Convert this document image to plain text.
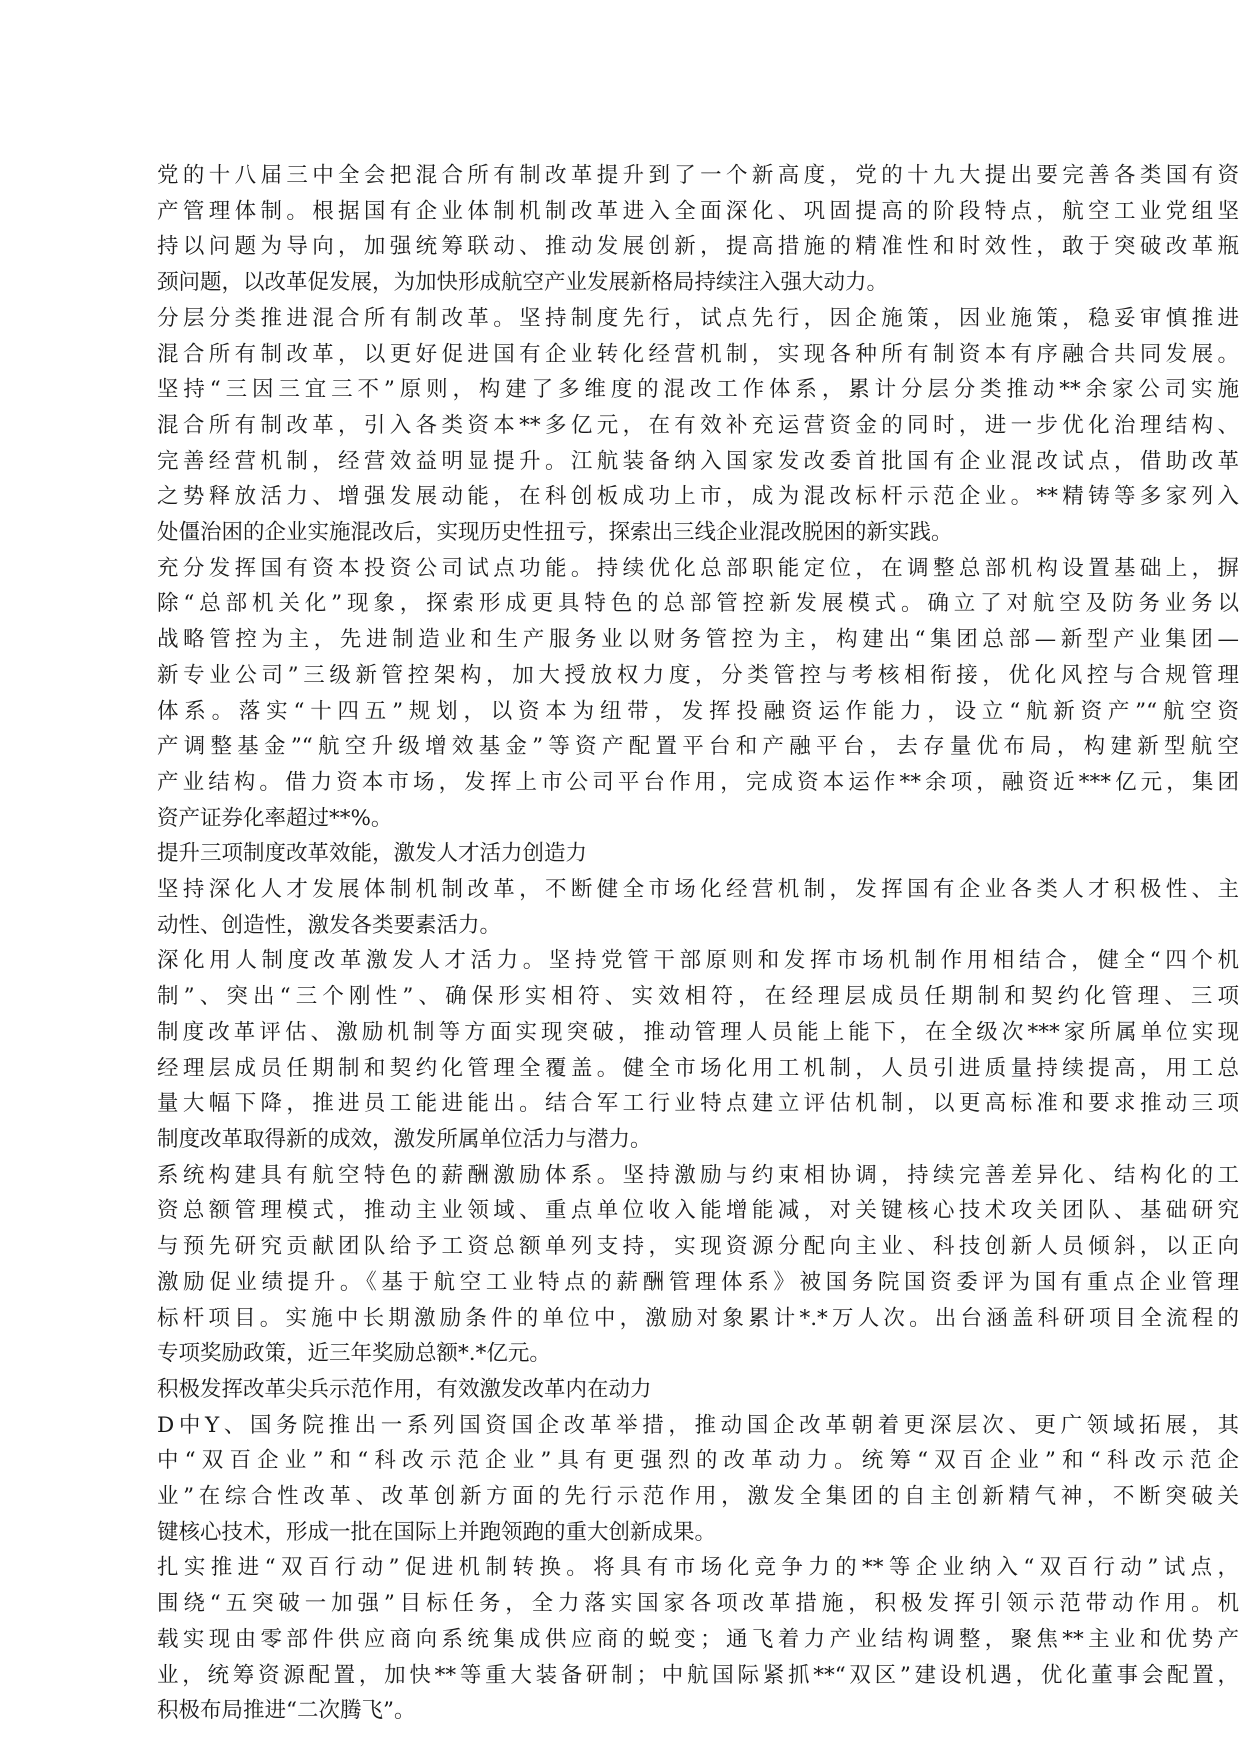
党的十八届三中全会把混合所有制改革提升到了一个新高度，党的十九大提出要完善各类国有资
产管理体制。根据国有企业体制机制改革进入全面深化、巩固提高的阶段特点，航空工业党组坚
持以问题为导向，加强统筹联动、推动发展创新，提高措施的精准性和时效性，敢于突破改革瓶
颈问题，以改革促发展，为加快形成航空产业发展新格局持续注入强大动力。

分层分类推进混合所有制改革。坚持制度先行，试点先行，因企施策，因业施策，稳妥审慎推进
混合所有制改革，以更好促进国有企业转化经营机制，实现各种所有制资本有序融合共同发展。
坚持“三因三宜三不”原则，构建了多维度的混改工作体系，累计分层分类推动**余家公司实施
混合所有制改革，引入各类资本**多亿元，在有效补充运营资金的同时，进一步优化治理结构、
完善经营机制，经营效益明显提升。江航装备纳入国家发改委首批国有企业混改试点，借助改革
之势释放活力、增强发展动能，在科创板成功上市，成为混改标杆示范企业。**精铸等多家列入
处僵治困的企业实施混改后，实现历史性扭亏，探索出三线企业混改脱困的新实践。

充分发挥国有资本投资公司试点功能。持续优化总部职能定位，在调整总部机构设置基础上，摒
除“总部机关化”现象，探索形成更具特色的总部管控新发展模式。确立了对航空及防务业务以
战略管控为主，先进制造业和生产服务业以财务管控为主，构建出“集团总部—新型产业集团—
新专业公司”三级新管控架构，加大授放权力度，分类管控与考核相衔接，优化风控与合规管理
体系。落实“十四五”规划，以资本为纽带，发挥投融资运作能力，设立“航新资产”“航空资
产调整基金”“航空升级增效基金”等资产配置平台和产融平台，去存量优布局，构建新型航空
产业结构。借力资本市场，发挥上市公司平台作用，完成资本运作**余项，融资近***亿元，集团
资产证券化率超过**%。

提升三项制度改革效能，激发人才活力创造力

坚持深化人才发展体制机制改革，不断健全市场化经营机制，发挥国有企业各类人才积极性、主
动性、创造性，激发各类要素活力。

深化用人制度改革激发人才活力。坚持党管干部原则和发挥市场机制作用相结合，健全“四个机
制”、突出“三个刚性”、确保形实相符、实效相符，在经理层成员任期制和契约化管理、三项
制度改革评估、激励机制等方面实现突破，推动管理人员能上能下，在全级次***家所属单位实现
经理层成员任期制和契约化管理全覆盖。健全市场化用工机制，人员引进质量持续提高，用工总
量大幅下降，推进员工能进能出。结合军工行业特点建立评估机制，以更高标准和要求推动三项
制度改革取得新的成效，激发所属单位活力与潜力。

系统构建具有航空特色的薪酬激励体系。坚持激励与约束相协调，持续完善差异化、结构化的工
资总额管理模式，推动主业领域、重点单位收入能增能减，对关键核心技术攻关团队、基础研究
与预先研究贡献团队给予工资总额单列支持，实现资源分配向主业、科技创新人员倾斜，以正向
激励促业绩提升。《基于航空工业特点的薪酬管理体系》被国务院国资委评为国有重点企业管理
标杆项目。实施中长期激励条件的单位中，激励对象累计*.*万人次。出台涵盖科研项目全流程的
专项奖励政策，近三年奖励总额*.*亿元。

积极发挥改革尖兵示范作用，有效激发改革内在动力

D中Y、国务院推出一系列国资国企改革举措，推动国企改革朝着更深层次、更广领域拓展，其
中“双百企业”和“科改示范企业”具有更强烈的改革动力。统筹“双百企业”和“科改示范企
业”在综合性改革、改革创新方面的先行示范作用，激发全集团的自主创新精气神，不断突破关
键核心技术，形成一批在国际上并跑领跑的重大创新成果。

扎实推进“双百行动”促进机制转换。将具有市场化竞争力的**等企业纳入“双百行动”试点，
围绕“五突破一加强”目标任务，全力落实国家各项改革措施，积极发挥引领示范带动作用。机
载实现由零部件供应商向系统集成供应商的蜕变；通飞着力产业结构调整，聚焦**主业和优势产
业，统筹资源配置，加快**等重大装备研制；中航国际紧抓**“双区”建设机遇，优化董事会配置，
积极布局推进“二次腾飞”。
